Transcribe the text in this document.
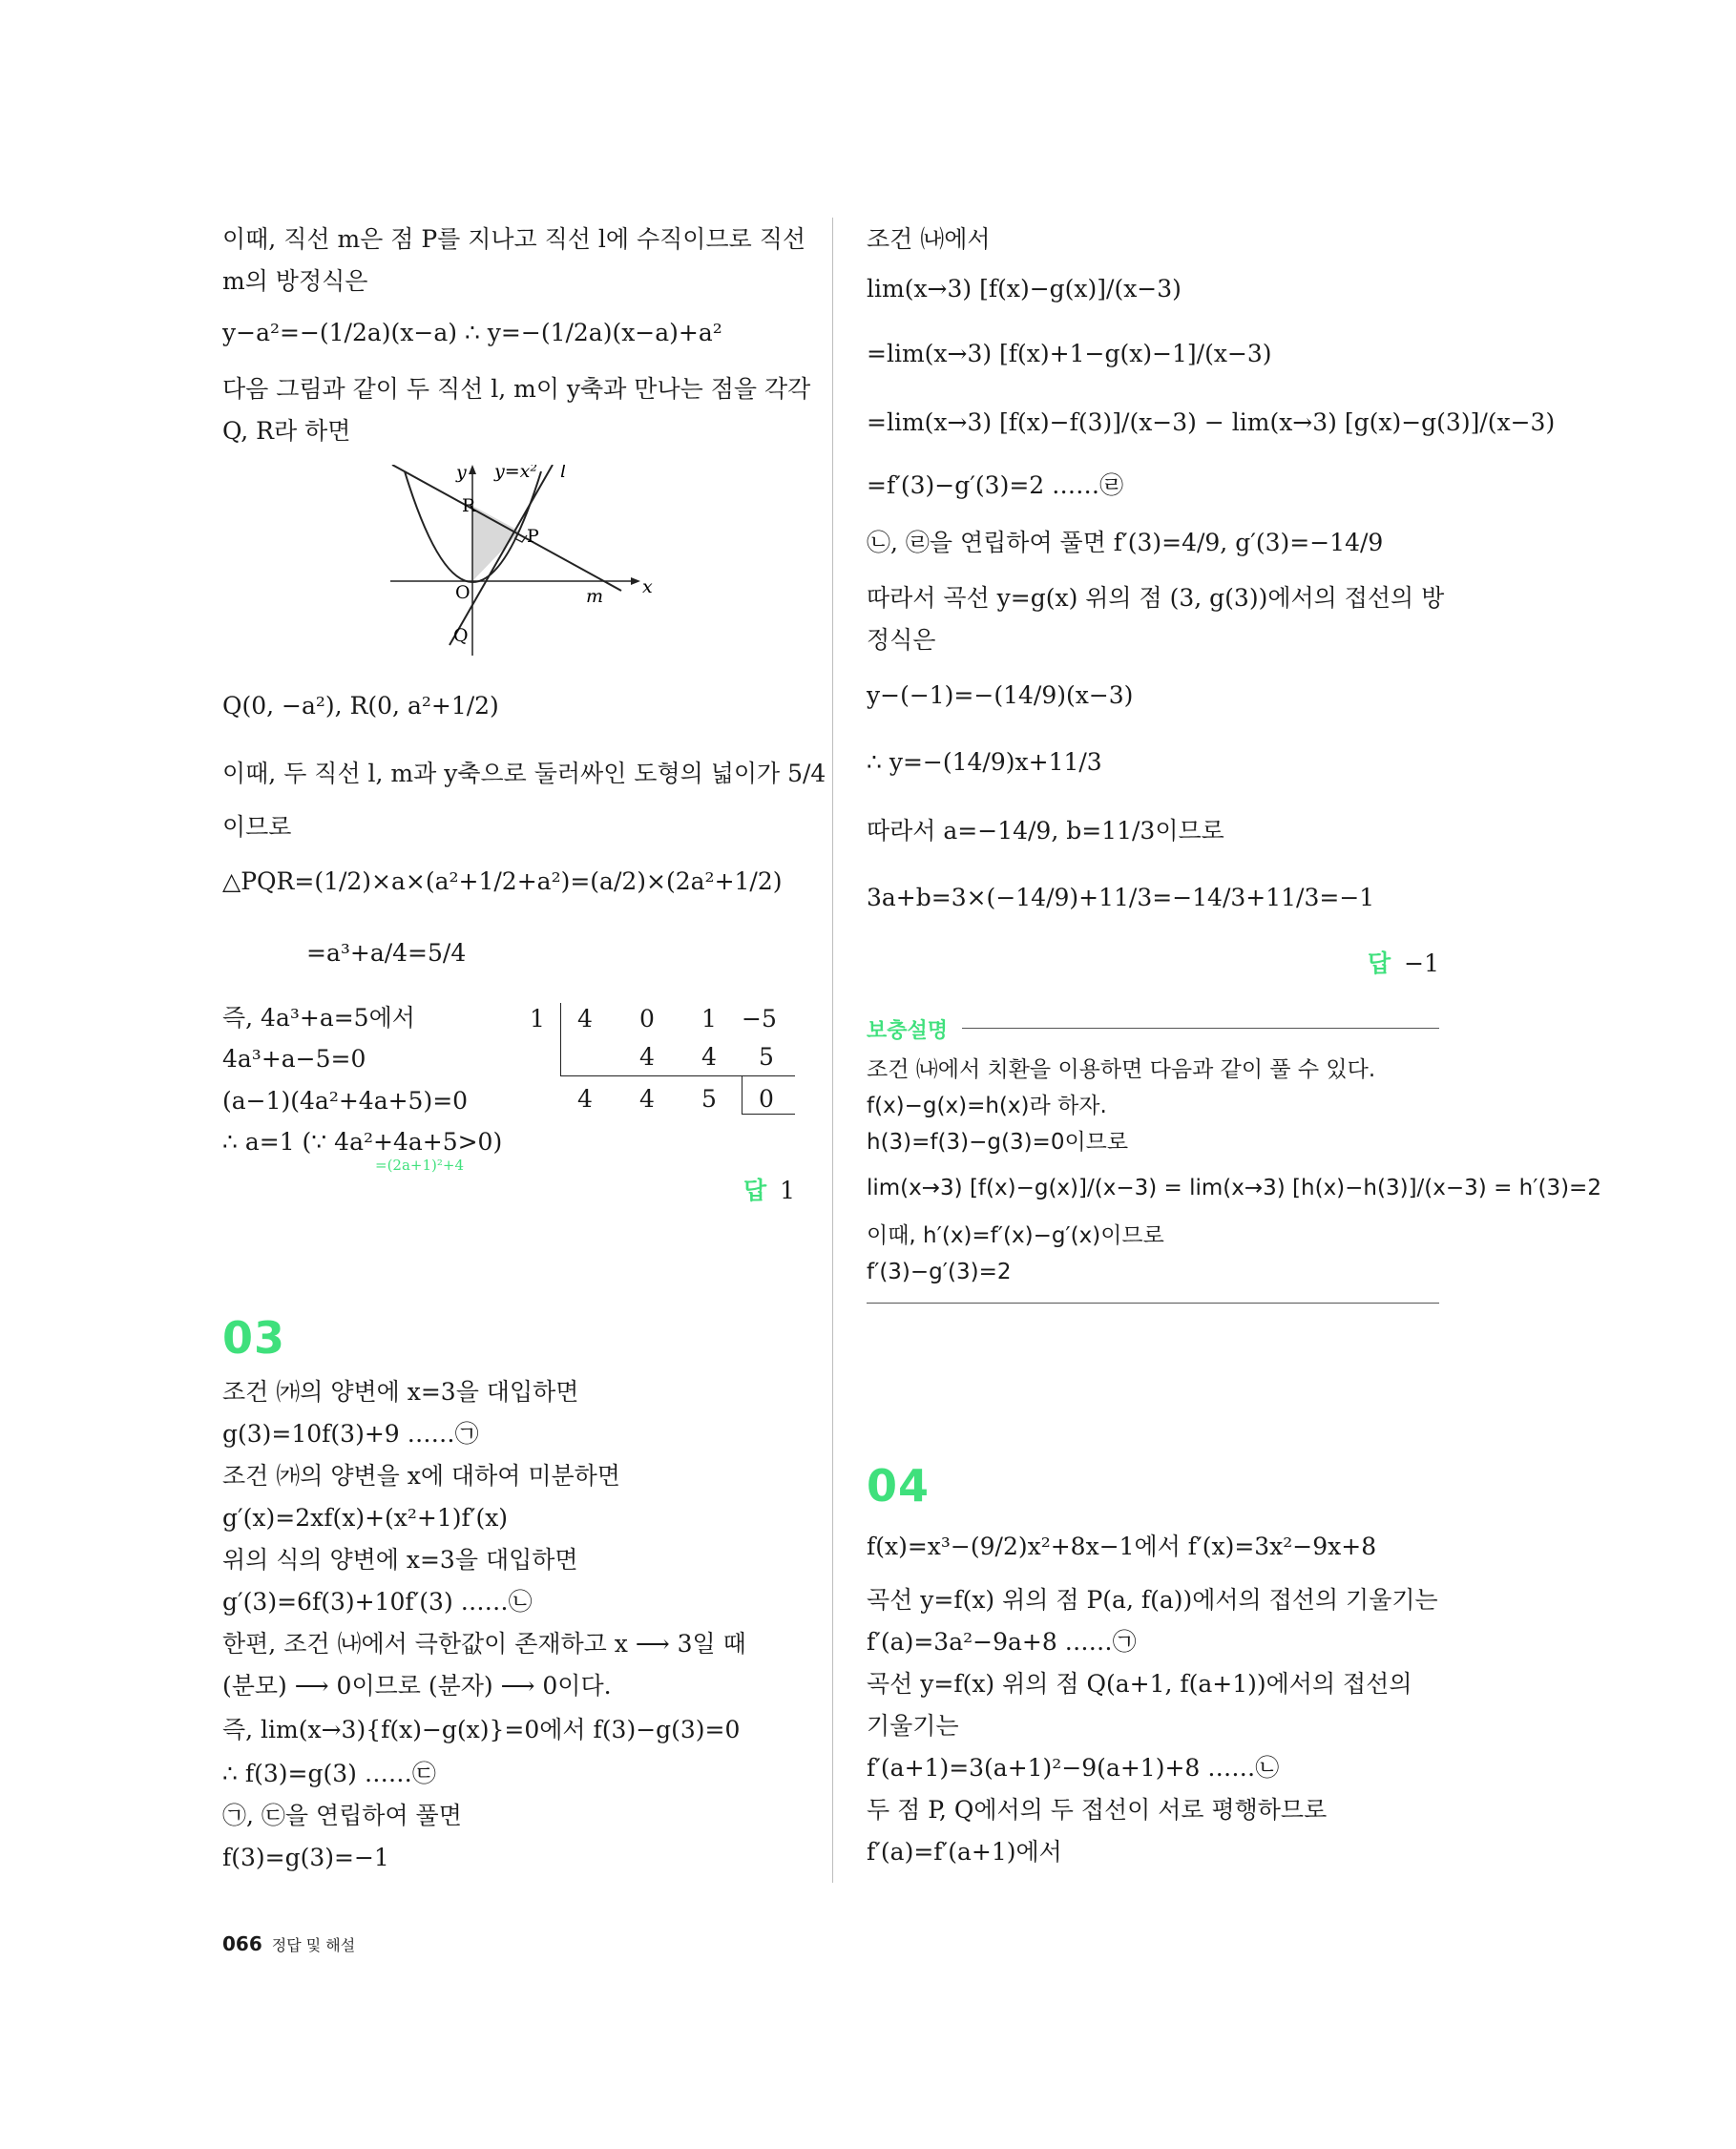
이때, 직선 m은 점 P를 지나고 직선 l에 수직이므로 직선
m의 방정식은
y−a²=−(1/2a)(x−a) ∴ y=−(1/2a)(x−a)+a²
다음 그림과 같이 두 직선 l, m이 y축과 만나는 점을 각각
Q, R라 하면
y y=x² l
R
P
O
Q
m x
Q(0, −a²), R(0, a²+1/2)
이때, 두 직선 l, m과 y축으로 둘러싸인 도형의 넓이가 5/4
이므로
△PQR=(1/2)×a×(a²+1/2+a²)=(a/2)×(2a²+1/2)
=a³+a/4=5/4
즉, 4a³+a=5에서
4a³+a−5=0
(a−1)(4a²+4a+5)=0
∴ a=1 (∵ 4a²+4a+5>0)
=(2a+1)²+4
1 4 0 1 −5
4 4 5
4 4 5 0
답 1
03
조건 ㈎의 양변에 x=3을 대입하면
g(3)=10f(3)+9 ……㉠
조건 ㈎의 양변을 x에 대하여 미분하면
g′(x)=2xf(x)+(x²+1)f′(x)
위의 식의 양변에 x=3을 대입하면
g′(3)=6f(3)+10f′(3) ……㉡
한편, 조건 ㈏에서 극한값이 존재하고 x ⟶ 3일 때
(분모) ⟶ 0이므로 (분자) ⟶ 0이다.
즉, lim(x→3){f(x)−g(x)}=0에서 f(3)−g(3)=0
∴ f(3)=g(3) ……㉢
㉠, ㉢을 연립하여 풀면
f(3)=g(3)=−1
조건 ㈏에서
lim(x→3) [f(x)−g(x)]/(x−3)
=lim(x→3) [f(x)+1−g(x)−1]/(x−3)
=lim(x→3) [f(x)−f(3)]/(x−3) − lim(x→3) [g(x)−g(3)]/(x−3)
=f′(3)−g′(3)=2 ……㉣
㉡, ㉣을 연립하여 풀면 f′(3)=4/9, g′(3)=−14/9
따라서 곡선 y=g(x) 위의 점 (3, g(3))에서의 접선의 방
정식은
y−(−1)=−(14/9)(x−3)
∴ y=−(14/9)x+11/3
따라서 a=−14/9, b=11/3이므로
3a+b=3×(−14/9)+11/3=−14/3+11/3=−1
답 −1
보충설명
조건 ㈏에서 치환을 이용하면 다음과 같이 풀 수 있다.
f(x)−g(x)=h(x)라 하자.
h(3)=f(3)−g(3)=0이므로
lim(x→3) [f(x)−g(x)]/(x−3) = lim(x→3) [h(x)−h(3)]/(x−3) = h′(3)=2
이때, h′(x)=f′(x)−g′(x)이므로
f′(3)−g′(3)=2
04
f(x)=x³−(9/2)x²+8x−1에서 f′(x)=3x²−9x+8
곡선 y=f(x) 위의 점 P(a, f(a))에서의 접선의 기울기는
f′(a)=3a²−9a+8 ……㉠
곡선 y=f(x) 위의 점 Q(a+1, f(a+1))에서의 접선의
기울기는
f′(a+1)=3(a+1)²−9(a+1)+8 ……㉡
두 점 P, Q에서의 두 접선이 서로 평행하므로
f′(a)=f′(a+1)에서
066 정답 및 해설
